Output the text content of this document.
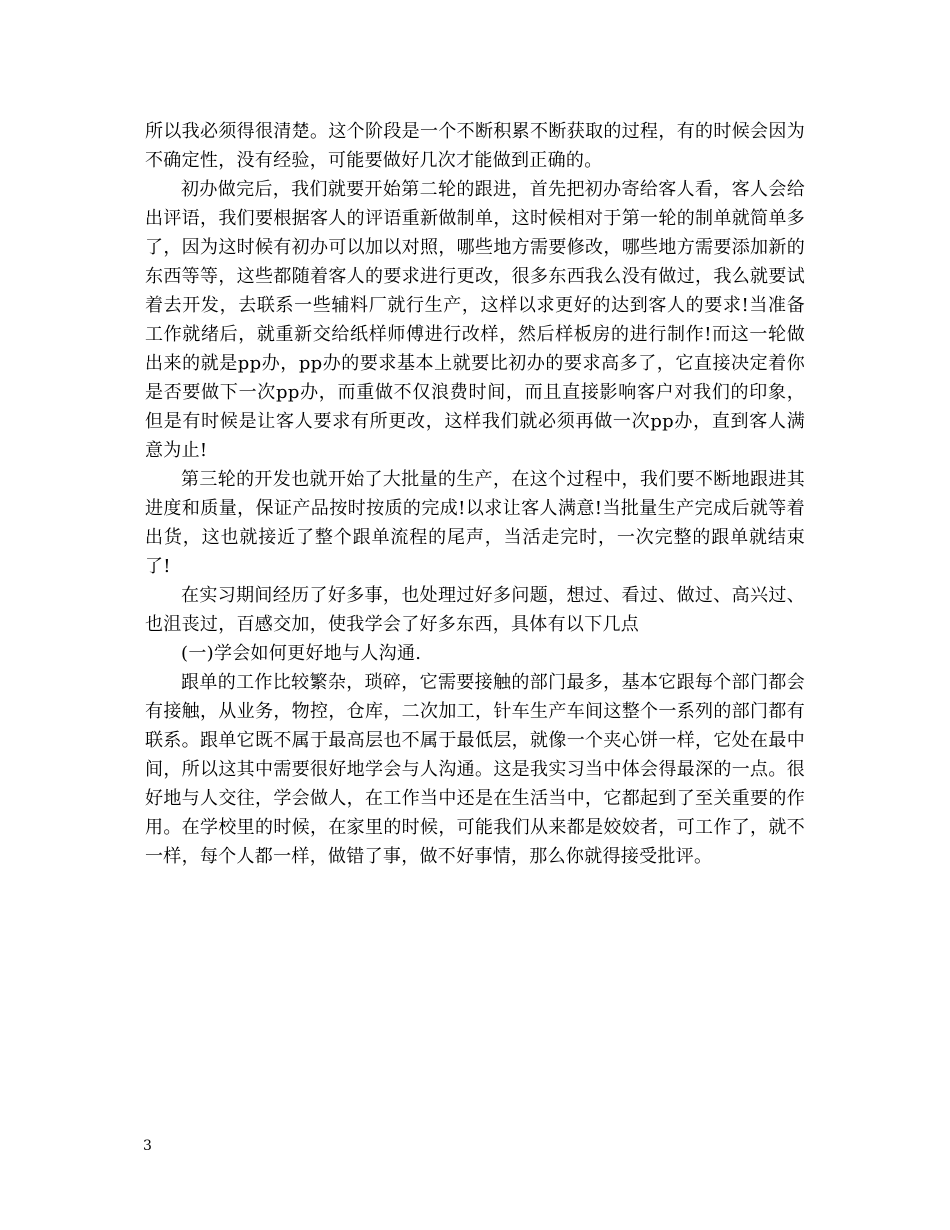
所以我必须得很清楚。这个阶段是一个不断积累不断获取的过程，有的时候会因为不确定性，没有经验，可能要做好几次才能做到正确的。

初办做完后，我们就要开始第二轮的跟进，首先把初办寄给客人看，客人会给出评语，我们要根据客人的评语重新做制单，这时候相对于第一轮的制单就简单多了，因为这时候有初办可以加以对照，哪些地方需要修改，哪些地方需要添加新的东西等等，这些都随着客人的要求进行更改，很多东西我么没有做过，我么就要试着去开发，去联系一些辅料厂就行生产，这样以求更好的达到客人的要求!当准备工作就绪后，就重新交给纸样师傅进行改样，然后样板房的进行制作!而这一轮做出来的就是pp办，pp办的要求基本上就要比初办的要求高多了，它直接决定着你是否要做下一次pp办，而重做不仅浪费时间，而且直接影响客户对我们的印象，但是有时候是让客人要求有所更改，这样我们就必须再做一次pp办，直到客人满意为止!

第三轮的开发也就开始了大批量的生产，在这个过程中，我们要不断地跟进其进度和质量，保证产品按时按质的完成!以求让客人满意!当批量生产完成后就等着出货，这也就接近了整个跟单流程的尾声，当活走完时，一次完整的跟单就结束了!

在实习期间经历了好多事，也处理过好多问题，想过、看过、做过、高兴过、也沮丧过，百感交加，使我学会了好多东西，具体有以下几点

(一)学会如何更好地与人沟通.

跟单的工作比较繁杂，琐碎，它需要接触的部门最多，基本它跟每个部门都会有接触，从业务，物控，仓库，二次加工，针车生产车间这整个一系列的部门都有联系。跟单它既不属于最高层也不属于最低层，就像一个夹心饼一样，它处在最中间，所以这其中需要很好地学会与人沟通。这是我实习当中体会得最深的一点。很好地与人交往，学会做人，在工作当中还是在生活当中，它都起到了至关重要的作用。在学校里的时候，在家里的时候，可能我们从来都是姣姣者，可工作了，就不一样，每个人都一样，做错了事，做不好事情，那么你就得接受批评。

3
